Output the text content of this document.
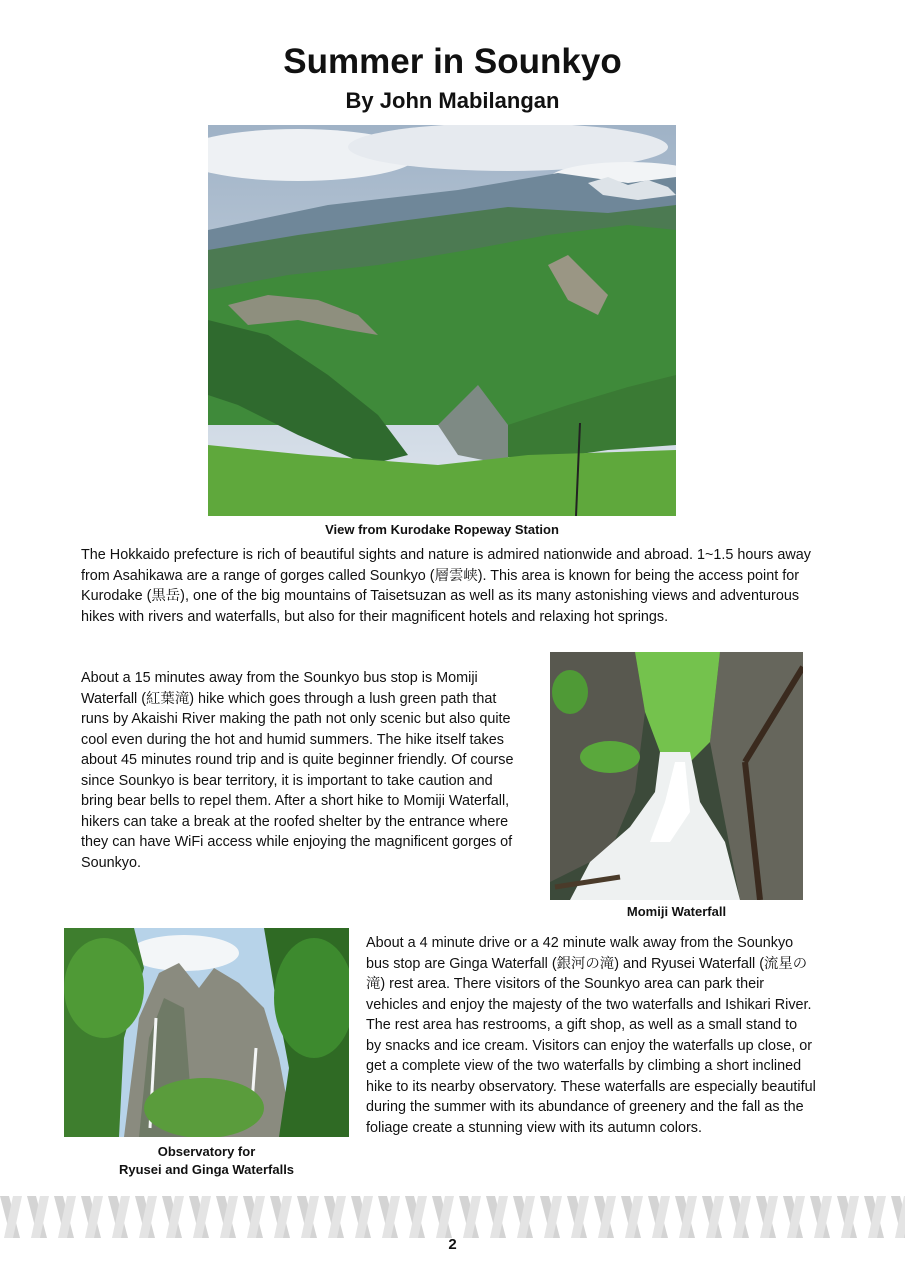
Summer in Sounkyo
By John Mabilangan
View from Kurodake Ropeway Station

The Hokkaido prefecture is rich of beautiful sights and nature is admired nationwide and abroad. 1~1.5 hours away from Asahikawa are a range of gorges called Sounkyo (層雲峡). This area is known for being the access point for Kurodake (黒岳), one of the big mountains of Taisetsuzan as well as its many astonishing views and adventurous hikes with rivers and waterfalls, but also for their magnificent hotels and relaxing hot springs.

About a 15 minutes away from the Sounkyo bus stop is Momiji Waterfall (紅葉滝) hike which goes through a lush green path that runs by Akaishi River making the path not only scenic but also quite cool even during the hot and humid summers. The hike itself takes about 45 minutes round trip and is quite beginner friendly. Of course since Sounkyo is bear territory, it is important to take caution and bring bear bells to repel them. After a short hike to Momiji Waterfall, hikers can take a break at the roofed shelter by the entrance where they can have WiFi access while enjoying the magnificent gorges of Sounkyo.

Momiji Waterfall
Observatory for
Ryusei and Ginga Waterfalls

About a 4 minute drive or a 42 minute walk away from the Sounkyo bus stop are Ginga Waterfall (銀河の滝) and Ryusei Waterfall (流星の滝) rest area. There visitors of the Sounkyo area can park their vehicles and enjoy the majesty of the two waterfalls and Ishikari River. The rest area has restrooms, a gift shop, as well as a small stand to by snacks and ice cream. Visitors can enjoy the waterfalls up close, or get a complete view of the two waterfalls by climbing a short inclined hike to its nearby observatory. These waterfalls are especially beautiful during the summer with its abundance of greenery and the fall as the foliage create a stunning view with its autumn colors.

2
